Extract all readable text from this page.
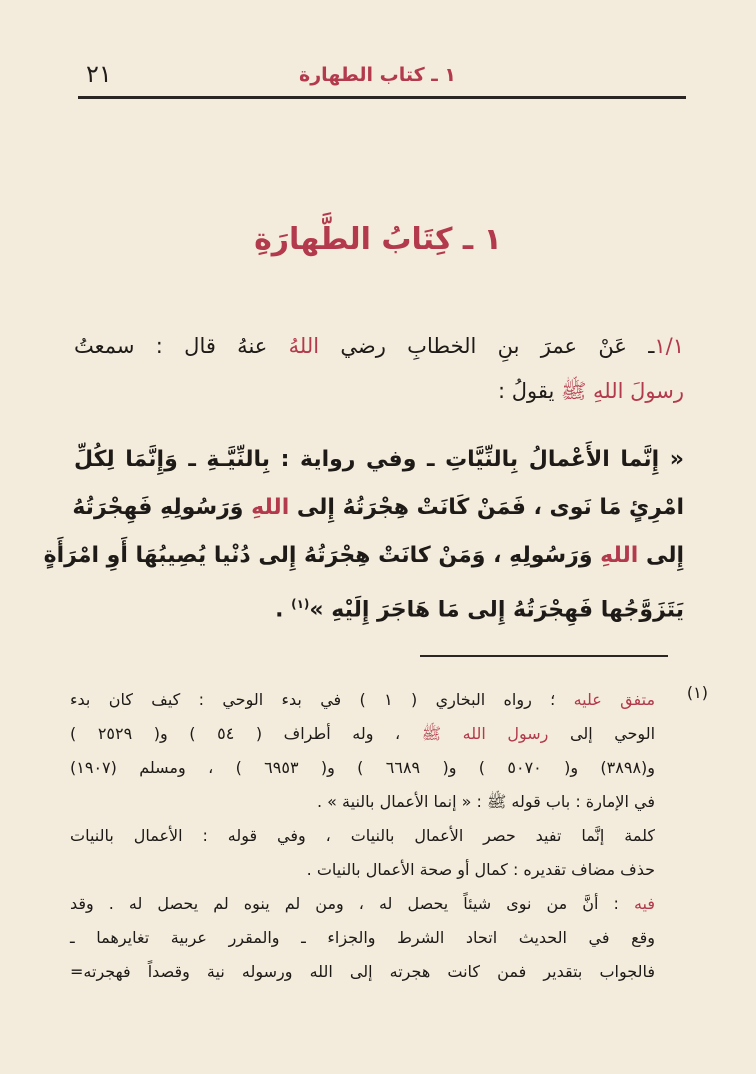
٢١	١ ـ كتاب الطهارة
١ ـ كِتَابُ الطَّهارَةِ
١/١ـ عَنْ عمرَ بنِ الخطابِ رضي اللهُ عنهُ قال : سمعتُ
رسولَ اللهِ ﷺ يقولُ :
« إِنَّما الأَعْمالُ بِالنِّيَّاتِ ـ وفي رواية : بِالنِّيَّـةِ ـ وَإِنَّمَا لِكُلِّ
امْرِئٍ مَا نَوى ، فَمَنْ كَانَتْ هِجْرَتُهُ إِلى اللهِ وَرَسُولِهِ فَهِجْرَتُهُ
إِلى اللهِ وَرَسُولِهِ ، وَمَنْ كانَتْ هِجْرَتُهُ إِلى دُنْيا يُصِيبُهَا أَوِ امْرَأَةٍ
يَتَزَوَّجُها فَهِجْرَتُهُ إِلى مَا هَاجَرَ إِلَيْهِ »$^{(١)}$ .
(١)
متفق عليه ؛ رواه البخاري ( ١ ) في بدء الوحي : كيف كان بدء
الوحي إلى رسول الله ﷺ ، وله أطراف ( ٥٤ ) و( ٢٥٢٩ )
و(٣٨٩٨) و( ٥٠٧٠ ) و( ٦٦٨٩ ) و( ٦٩٥٣ ) ، ومسلم (١٩٠٧)
في الإمارة : باب قوله ﷺ : « إنما الأعمال بالنية » .
كلمة إنَّما تفيد حصر الأعمال بالنيات ، وفي قوله : الأعمال بالنيات
حذف مضاف تقديره : كمال أو صحة الأعمال بالنيات .
فيه : أنَّ من نوى شيئاً يحصل له ، ومن لم ينوه لم يحصل له . وقد
وقع في الحديث اتحاد الشرط والجزاء ـ والمقرر عربية تغايرهما ـ
فالجواب بتقدير فمن كانت هجرته إلى الله ورسوله نية وقصداً فهجرته=
